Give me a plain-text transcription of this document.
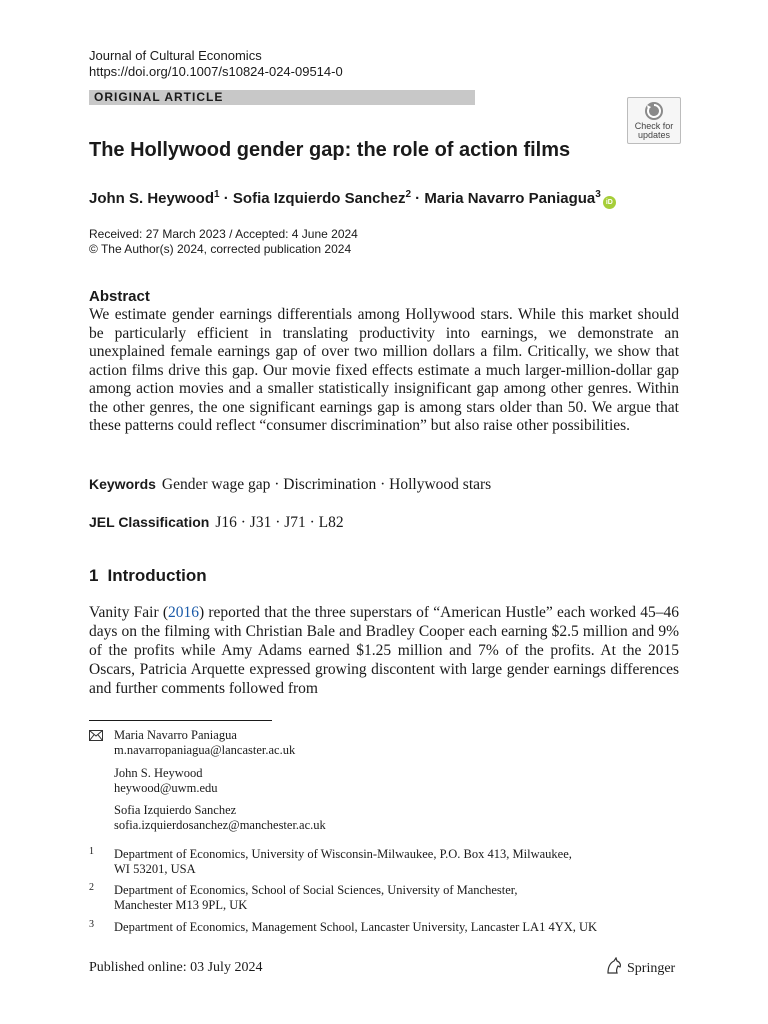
Journal of Cultural Economics
https://doi.org/10.1007/s10824-024-09514-0
ORIGINAL ARTICLE
Check for
updates
The Hollywood gender gap: the role of action films
John S. Heywood$^1$ · Sofia Izquierdo Sanchez$^2$ · Maria Navarro Paniagua$^3$iD
Received: 27 March 2023 / Accepted: 4 June 2024
© The Author(s) 2024, corrected publication 2024
Abstract
We estimate gender earnings differentials among Hollywood stars. While this market should be particularly efficient in translating productivity into earnings, we demonstrate an unexplained female earnings gap of over two million dollars a film. Critically, we show that action films drive this gap. Our movie fixed effects estimate a much larger-million-dollar gap among action movies and a smaller statistically insignificant gap among other genres. Within the other genres, the one significant earnings gap is among stars older than 50. We argue that these patterns could reflect “consumer discrimination” but also raise other possibilities.
Keywords Gender wage gap · Discrimination · Hollywood stars
JEL Classification J16 · J31 · J71 · L82
1 Introduction
Vanity Fair (2016) reported that the three superstars of “American Hustle” each worked 45–46 days on the filming with Christian Bale and Bradley Cooper each earning $2.5 million and 9% of the profits while Amy Adams earned $1.25 million and 7% of the profits. At the 2015 Oscars, Patricia Arquette expressed growing discontent with large gender earnings differences and further comments followed from
Maria Navarro Paniagua
m.navarropaniagua@lancaster.ac.uk
John S. Heywood
heywood@uwm.edu
Sofia Izquierdo Sanchez
sofia.izquierdosanchez@manchester.ac.uk
1 Department of Economics, University of Wisconsin-Milwaukee, P.O. Box 413, Milwaukee,
WI 53201, USA
2 Department of Economics, School of Social Sciences, University of Manchester,
Manchester M13 9PL, UK
3 Department of Economics, Management School, Lancaster University, Lancaster LA1 4YX, UK
Published online: 03 July 2024	Springer
